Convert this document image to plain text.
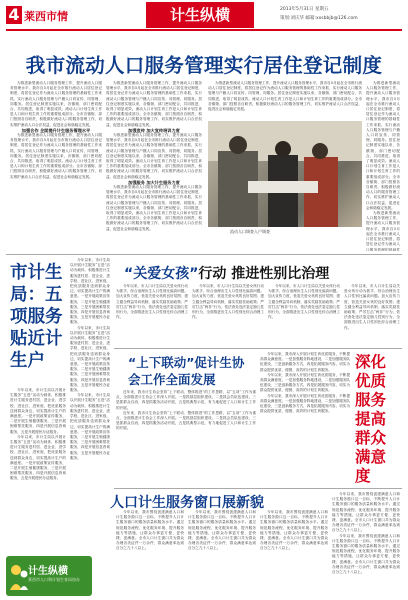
4 莱西市情	计生纵横	2013年5月31日 星期五
策划:刘庆华 邮箱:xxsbbjb@126.com
我市流动人口服务管理实行居住登记制度

为推进新型流动人口服务管理工作，提升流动人口服务管理水平，我市自5月起在全市推行流动人口居住登记制度，将居住登记作为流动人口服务管理的基础性工作来抓，实行流动人口服务管理与户籍人口同宣传、同管理、同服务。居住登记制度实施以来，各镇街、部门密切配合，共同推进，取得了明显成效。流动人口计划生育工作是人口和计划生育工作的重要组成部分。全市各镇街、部门按照各自职责，积极做好流动人口的服务管理工作，切实维护流动人口合法权益，促进社会和谐稳定发展。

加强合作 全面提升计生服务管理水平

为推进新型流动人口服务管理工作，提升流动人口服务管理水平，我市自5月起在全市推行流动人口居住登记制度，将居住登记作为流动人口服务管理的基础性工作来抓，实行流动人口服务管理与户籍人口同宣传、同管理、同服务。居住登记制度实施以来，各镇街、部门密切配合，共同推进，取得了明显成效。流动人口计划生育工作是人口和计划生育工作的重要组成部分。全市各镇街、部门按照各自职责，积极做好流动人口的服务管理工作，切实维护流动人口合法权益，促进社会和谐稳定发展。

为推进新型流动人口服务管理工作，提升流动人口服务管理水平，我市自5月起在全市推行流动人口居住登记制度，将居住登记作为流动人口服务管理的基础性工作来抓，实行流动人口服务管理与户籍人口同宣传、同管理、同服务。居住登记制度实施以来，各镇街、部门密切配合，共同推进，取得了明显成效。流动人口计划生育工作是人口和计划生育工作的重要组成部分。全市各镇街、部门按照各自职责，积极做好流动人口的服务管理工作，切实维护流动人口合法权益，促进社会和谐稳定发展。

加强宣传 加大宣传培训力度

为推进新型流动人口服务管理工作，提升流动人口服务管理水平，我市自5月起在全市推行流动人口居住登记制度，将居住登记作为流动人口服务管理的基础性工作来抓，实行流动人口服务管理与户籍人口同宣传、同管理、同服务。居住登记制度实施以来，各镇街、部门密切配合，共同推进，取得了明显成效。流动人口计划生育工作是人口和计划生育工作的重要组成部分。全市各镇街、部门按照各自职责，积极做好流动人口的服务管理工作，切实维护流动人口合法权益，促进社会和谐稳定发展。

加强服务 加大计生服务力度

为推进新型流动人口服务管理工作，提升流动人口服务管理水平，我市自5月起在全市推行流动人口居住登记制度，将居住登记作为流动人口服务管理的基础性工作来抓，实行流动人口服务管理与户籍人口同宣传、同管理、同服务。居住登记制度实施以来，各镇街、部门密切配合，共同推进，取得了明显成效。流动人口计划生育工作是人口和计划生育工作的重要组成部分。全市各镇街、部门按照各自职责，积极做好流动人口的服务管理工作，切实维护流动人口合法权益，促进社会和谐稳定发展。

为推进新型流动人口服务管理工作，提升流动人口服务管理水平，我市自5月起在全市推行流动人口居住登记制度，将居住登记作为流动人口服务管理的基础性工作来抓，实行流动人口服务管理与户籍人口同宣传、同管理、同服务。居住登记制度实施以来，各镇街、部门密切配合，共同推进，取得了明显成效。流动人口计划生育工作是人口和计划生育工作的重要组成部分。全市各镇街、部门按照各自职责，积极做好流动人口的服务管理工作，切实维护流动人口合法权益，促进社会和谐稳定发展。

为推进新型流动人口服务管理工作，提升流动人口服务管理水平，我市自5月起在全市推行流动人口居住登记制度，将居住登记作为流动人口服务管理的基础性工作来抓，实行流动人口服务管理与户籍人口同宣传、同管理、同服务。居住登记制度实施以来，各镇街、部门密切配合，共同推进，取得了明显成效。流动人口计划生育工作是人口和计划生育工作的重要组成部分。全市各镇街、部门按照各自职责，积极做好流动人口的服务管理工作，切实维护流动人口合法权益，促进社会和谐稳定发展。

为推进新型流动人口服务管理工作，提升流动人口服务管理水平，我市自5月起在全市推行流动人口居住登记制度，将居住登记作为流动人口服务管理的基础性

流动人口调查入户调查
市计生局：五项服务贴近计生户

今年以来，市计生局以开展计生服务“五进”活动为载体，积极推进计生服务进村居、进企业、进学校、进社区、进家庭，把优质服务送到群众身边，切实提高计生户的满意度。一是开展政策宣传服务，二是开展生殖健康服务，三是开展困难帮扶服务，四是开展信息咨询服务，五是开展便民办证服务。

今年以来，市计生局以开展计生服务“五进”活动为载体，积极推进计生服务进村居、进企业、进学校、进社区、进家庭，把优质服务送到群众身边，切实提高计生户的满意度。一是开展政策宣传服务，二是开展生殖健康服务，三是开展困难帮扶服务，四是开展信息咨询服务，五是开展便民办证服务。

今年以来，市计生局以开展计生服务“五进”活动为载体，积极推进计生服务进村居、进企业、进学校、进社区、进家庭，把优质服务送到群众身边，切实提高计生户的满意度。一是开展政策宣传服务，二是开展生殖健康服务，三是开展困难帮扶服务，四是开展信息咨询服务，五是开展便民办证服务。

今年以来，市计生局以开展计生服务“五进”活动为载体，积极推进计生服务进村居、进企业、进学校、进社区、进家庭，把优质服务送到群众身边，切实提高计生户的满意度。一是开展政策宣传服务，二是开展生殖健康服务，三是开展困难帮扶服务，四是开展信息咨询服务，五是开展便民办证服务。

今年以来，市计生局以开展计生服务“五进”活动为载体，积极推进计生服务进村居、进企业、进学校、进社区、进家庭，把优质服务送到群众身边，切实提高计生户的满意度。一是开展政策宣传服务，二是开展生殖健康服务，三是开展困难帮扶服务，四是开展信息咨询服务，五是开展便民办证服务。

“关爱女孩”行动 推进性别比治理

今年以来，市人口计生局以关爱女孩行动为抓手，综合治理出生人口性别比偏高问题。加大宣传力度，营造关爱女孩的良好氛围；建立健全利益导向机制，落实奖励扶助政策；严厉打击“两非”行为，依法查处违法鉴定胎儿性别行为，全面推进出生人口性别比综合治理工作。

今年以来，市人口计生局以关爱女孩行动为抓手，综合治理出生人口性别比偏高问题。加大宣传力度，营造关爱女孩的良好氛围；建立健全利益导向机制，落实奖励扶助政策；严厉打击“两非”行为，依法查处违法鉴定胎儿性别行为，全面推进出生人口性别比综合治理工作。

今年以来，市人口计生局以关爱女孩行动为抓手，综合治理出生人口性别比偏高问题。加大宣传力度，营造关爱女孩的良好氛围；建立健全利益导向机制，落实奖励扶助政策；严厉打击“两非”行为，依法查处违法鉴定胎儿性别行为，全面推进出生人口性别比综合治理工作。

今年以来，市人口计生局以关爱女孩行动为抓手，综合治理出生人口性别比偏高问题。加大宣传力度，营造关爱女孩的良好氛围；建立健全利益导向机制，落实奖励扶助政策；严厉打击“两非”行为，依法查处违法鉴定胎儿性别行为，全面推进出生人口性别比综合治理工作。

“上下联动”促计生协会工作全面发展

近年来，我市计生协会坚持“上下联动、整体推进”的工作思路，以“五项”工作为重点，全面推进计生协会工作深入开展。一是抓基层组织建设，二是抓会员队伍建设，三是抓群众自治，四是抓服务活动开展，五是抓典型示范，有力地促进了人口和计生工作的开展。

近年来，我市计生协会坚持“上下联动、整体推进”的工作思路，以“五项”工作为重点，全面推进计生协会工作深入开展。一是抓基层组织建设，二是抓会员队伍建设，三是抓群众自治，四是抓服务活动开展，五是抓典型示范，有力地促进了人口和计生工作的开展。

今年以来，我市深入开展计划生育优质服务，不断提高群众满意度。一是加强服务阵地建设，二是加强服务队伍建设，三是创新服务方式，四是拓展服务内容，切实为群众提供优质、便捷、高效的计划生育服务。

今年以来，我市深入开展计划生育优质服务，不断提高群众满意度。一是加强服务阵地建设，二是加强服务队伍建设，三是创新服务方式，四是拓展服务内容，切实为群众提供优质、便捷、高效的计划生育服务。

今年以来，我市深入开展计划生育优质服务，不断提高群众满意度。一是加强服务阵地建设，二是加强服务队伍建设，三是创新服务方式，四是拓展服务内容，切实为群众提供优质、便捷、高效的计划生育服务。

深化优质服务提高群众满意度
人口计生服务窗口展新貌

今年以来，我市围绕创建满意人口和计生服务窗口这一目标，不断提升人口计生服务窗口的服务质量和服务水平。通过规范服务流程、优化服务环境、提升服务能力等措施，让群众办事更方便、更快捷、更满意。全市人口计生窗口共为群众办理各类证件一万余件，群众满意率达到百分之九十八以上。

今年以来，我市围绕创建满意人口和计生服务窗口这一目标，不断提升人口计生服务窗口的服务质量和服务水平。通过规范服务流程、优化服务环境、提升服务能力等措施，让群众办事更方便、更快捷、更满意。全市人口计生窗口共为群众办理各类证件一万余件，群众满意率达到百分之九十八以上。

今年以来，我市围绕创建满意人口和计生服务窗口这一目标，不断提升人口计生服务窗口的服务质量和服务水平。通过规范服务流程、优化服务环境、提升服务能力等措施，让群众办事更方便、更快捷、更满意。全市人口计生窗口共为群众办理各类证件一万余件，群众满意率达到百分之九十八以上。

今年以来，我市围绕创建满意人口和计生服务窗口这一目标，不断提升人口计生服务窗口的服务质量和服务水平。通过规范服务流程、优化服务环境、提升服务能力等措施，让群众办事更方便、更快捷、更满意。全市人口计生窗口共为群众办理各类证件一万余件，群众满意率达到百分之九十八以上。

今年以来，我市围绕创建满意人口和计生服务窗口这一目标，不断提升人口计生服务窗口的服务质量和服务水平。通过规范服务流程、优化服务环境、提升服务能力等措施，让群众办事更方便、更快捷、更满意。全市人口计生窗口共为群众办理各类证件一万余件，群众满意率达到百分之九十八以上。

计生纵横
莱西市人口和计划生育局协办
